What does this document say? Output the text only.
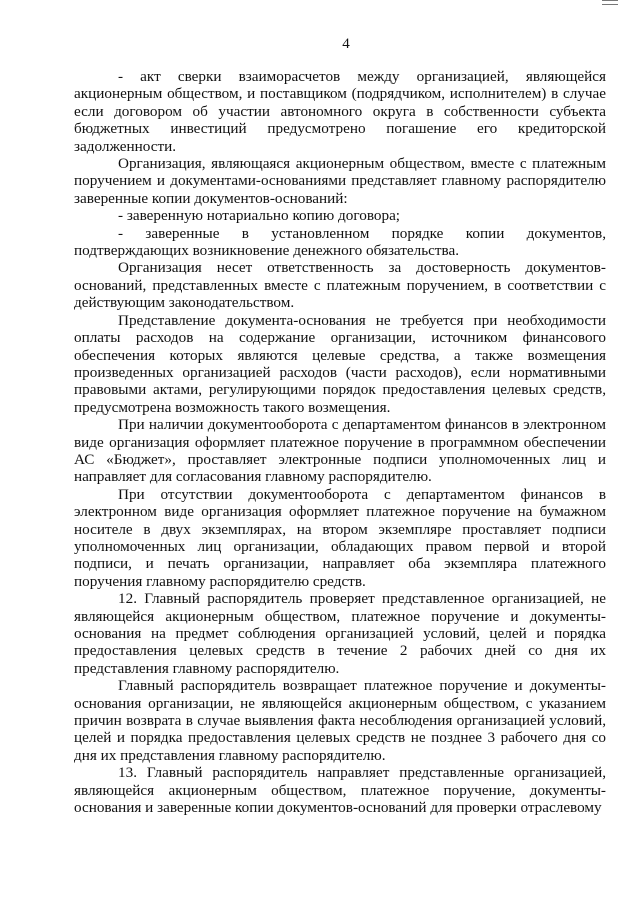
4

- акт сверки взаиморасчетов между организацией, являющейся акционерным обществом, и поставщиком (подрядчиком, исполнителем) в случае если договором об участии автономного округа в собственности субъекта бюджетных инвестиций предусмотрено погашение его кредиторской задолженности.

Организация, являющаяся акционерным обществом, вместе с платежным поручением и документами-основаниями представляет главному распорядителю заверенные копии документов-оснований:

- заверенную нотариально копию договора;

- заверенные в установленном порядке копии документов, подтверждающих возникновение денежного обязательства.

Организация несет ответственность за достоверность документов-оснований, представленных вместе с платежным поручением, в соответствии с действующим законодательством.

Представление документа-основания не требуется при необходимости оплаты расходов на содержание организации, источником финансового обеспечения которых являются целевые средства, а также возмещения произведенных организацией расходов (части расходов), если нормативными правовыми актами, регулирующими порядок предоставления целевых средств, предусмотрена возможность такого возмещения.

При наличии документооборота с департаментом финансов в электронном виде организация оформляет платежное поручение в программном обеспечении АС «Бюджет», проставляет электронные подписи уполномоченных лиц и направляет для согласования главному распорядителю.

При отсутствии документооборота с департаментом финансов в электронном виде организация оформляет платежное поручение на бумажном носителе в двух экземплярах, на втором экземпляре проставляет подписи уполномоченных лиц организации, обладающих правом первой и второй подписи, и печать организации, направляет оба экземпляра платежного поручения главному распорядителю средств.

12. Главный распорядитель проверяет представленное организацией, не являющейся акционерным обществом, платежное поручение и документы-основания на предмет соблюдения организацией условий, целей и порядка предоставления целевых средств в течение 2 рабочих дней со дня их представления главному распорядителю.

Главный распорядитель возвращает платежное поручение и документы-основания организации, не являющейся акционерным обществом, с указанием причин возврата в случае выявления факта несоблюдения организацией условий, целей и порядка предоставления целевых средств не позднее 3 рабочего дня со дня их представления главному распорядителю.

13. Главный распорядитель направляет представленные организацией, являющейся акционерным обществом, платежное поручение, документы-основания и заверенные копии документов-оснований для проверки отраслевому
